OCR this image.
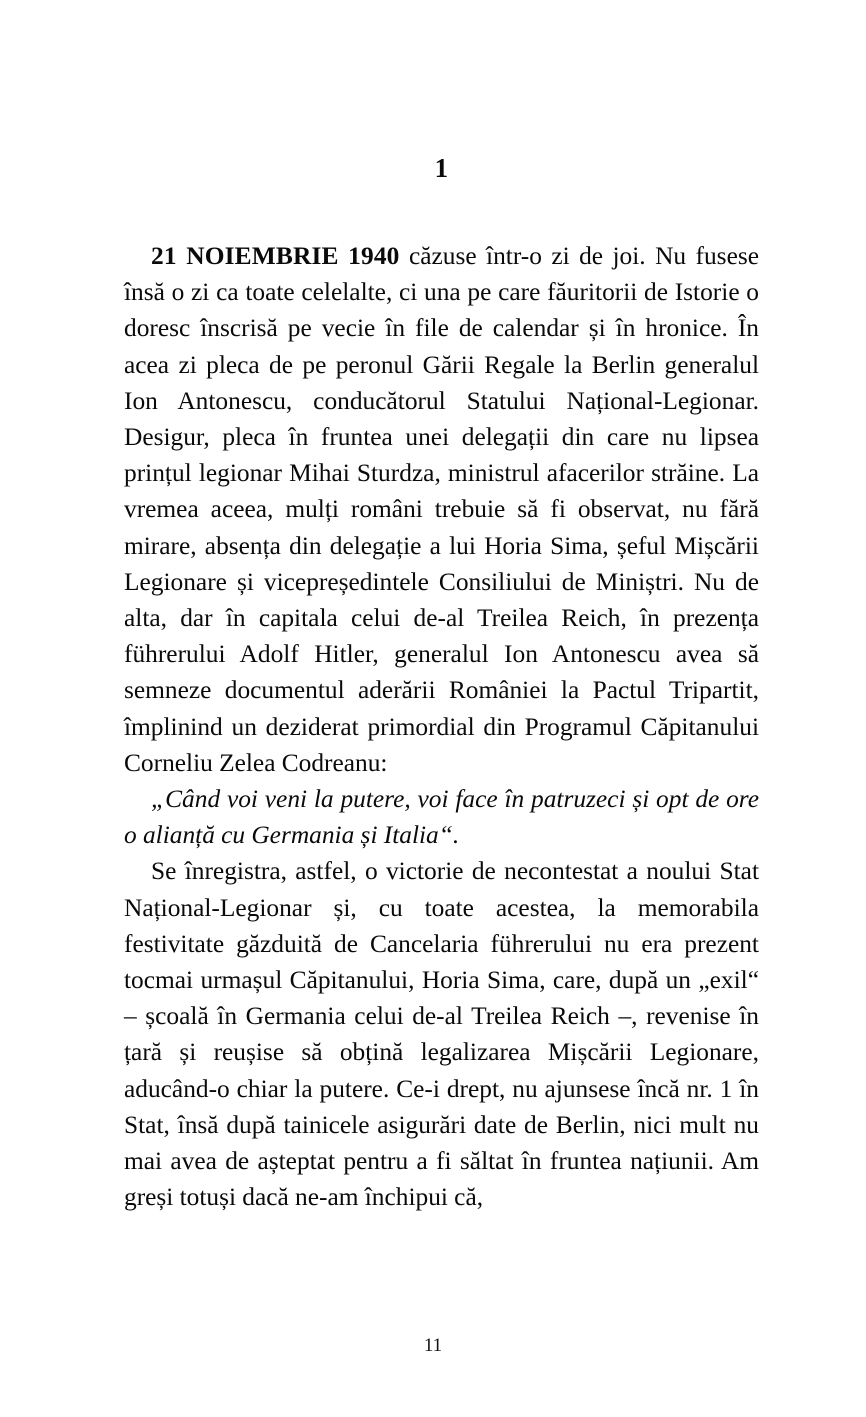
1

21 NOIEMBRIE 1940 căzuse într-o zi de joi. Nu fusese însă o zi ca toate celelalte, ci una pe care făuritorii de Istorie o doresc înscrisă pe vecie în file de calendar și în hronice. În acea zi pleca de pe peronul Gării Regale la Berlin generalul Ion Antonescu, conducătorul Statului Național-Legionar. Desigur, pleca în fruntea unei delegații din care nu lipsea prințul legionar Mihai Sturdza, ministrul afacerilor străine. La vremea aceea, mulți români trebuie să fi observat, nu fără mirare, absența din delegație a lui Horia Sima, șeful Mișcării Legionare și vicepreședintele Consiliului de Miniștri. Nu de alta, dar în capitala celui de-al Treilea Reich, în prezența führerului Adolf Hitler, generalul Ion Antonescu avea să semneze documentul aderării României la Pactul Tripartit, împlinind un deziderat primordial din Programul Căpitanului Corneliu Zelea Codreanu:

„Când voi veni la putere, voi face în patruzeci și opt de ore o alianță cu Germania și Italia“.

Se înregistra, astfel, o victorie de necontestat a noului Stat Național-Legionar și, cu toate acestea, la memorabila festivitate găzduită de Cancelaria führerului nu era prezent tocmai urmașul Căpitanului, Horia Sima, care, după un „exil“ – școală în Germania celui de-al Treilea Reich –, revenise în țară și reușise să obțină legalizarea Mișcării Legionare, aducând-o chiar la putere. Ce-i drept, nu ajunsese încă nr. 1 în Stat, însă după tainicele asigurări date de Berlin, nici mult nu mai avea de așteptat pentru a fi săltat în fruntea națiunii. Am greși totuși dacă ne-am închipui că,

11
